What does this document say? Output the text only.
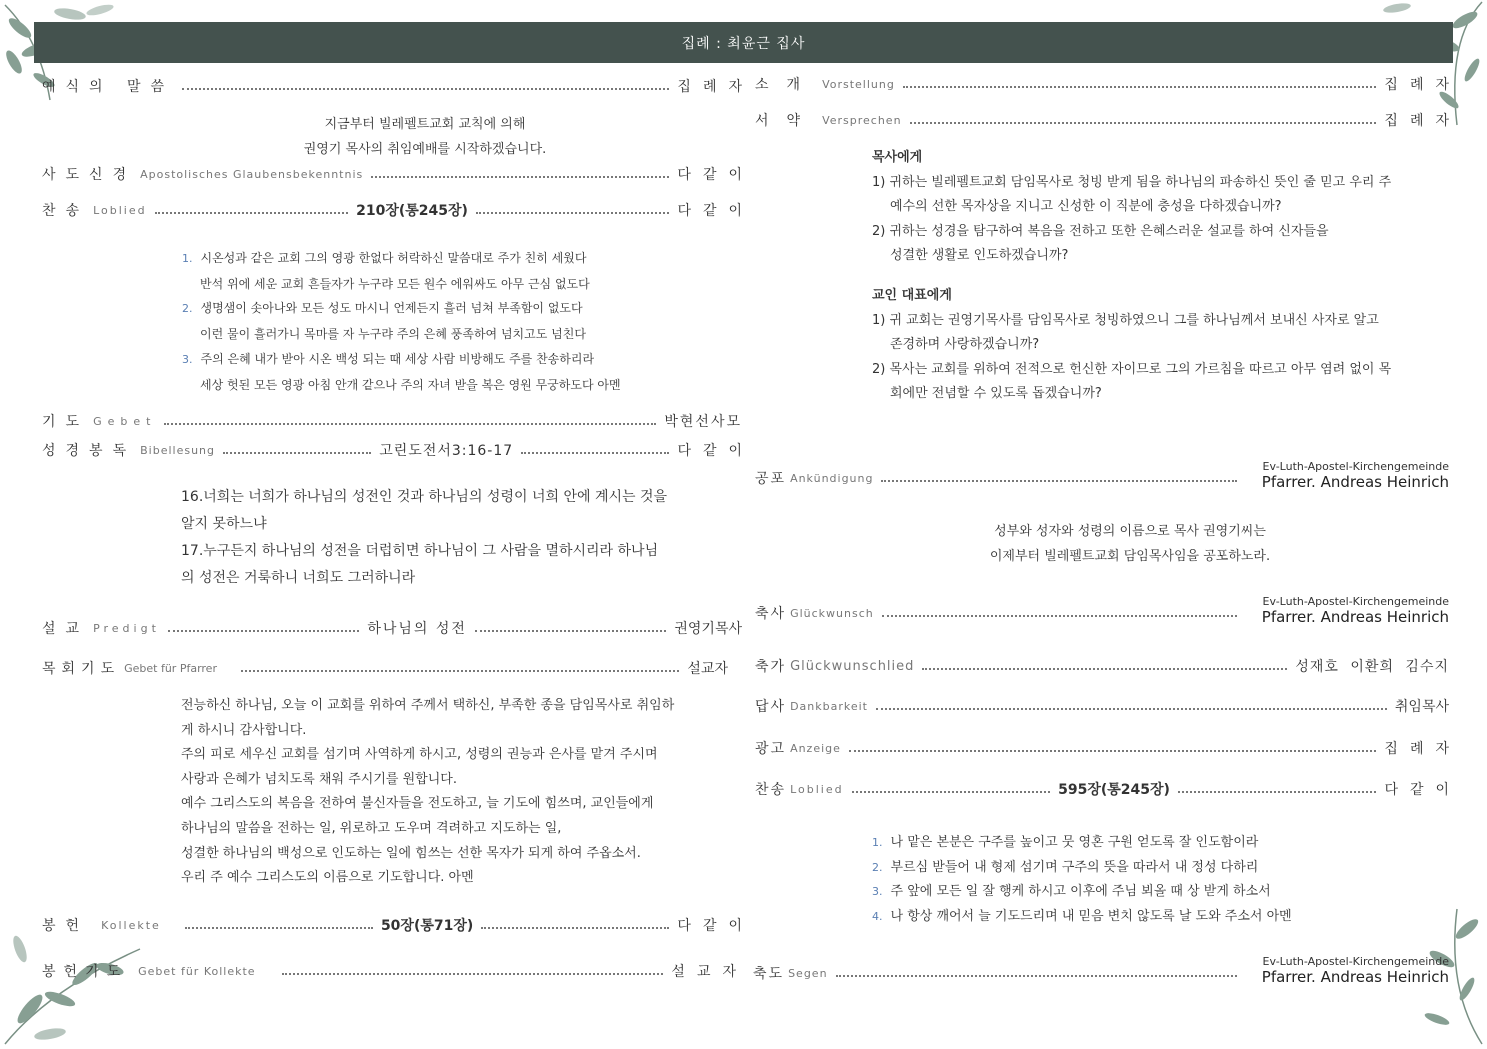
집례 : 최윤근 집사
예식의 말씀	집례자
지금부터 빌레펠트교회 교칙에 의해
권영기 목사의 취임예배를 시작하겠습니다.
사도신경 Apostolisches Glaubensbekenntnis	다같이
찬송 Loblied	210장(통245장)	다같이
1. 시온성과 같은 교회 그의 영광 한없다 허락하신 말씀대로 주가 친히 세웠다
반석 위에 세운 교회 흔들자가 누구랴 모든 원수 에워싸도 아무 근심 없도다
2. 생명샘이 솟아나와 모든 성도 마시니 언제든지 흘러 넘쳐 부족함이 없도다
이런 물이 흘러가니 목마를 자 누구랴 주의 은혜 풍족하여 넘치고도 넘친다
3. 주의 은혜 내가 받아 시온 백성 되는 때 세상 사람 비방해도 주를 찬송하리라
세상 헛된 모든 영광 아침 안개 같으나 주의 자녀 받을 복은 영원 무궁하도다 아멘
기도 Gebet	박현선사모
성경봉독 Bibellesung	고린도전서3:16-17	다같이
16.너희는 너희가 하나님의 성전인 것과 하나님의 성령이 너희 안에 계시는 것을
알지 못하느냐
17.누구든지 하나님의 성전을 더럽히면 하나님이 그 사람을 멸하시리라 하나님
의 성전은 거룩하니 너희도 그러하니라
설교 Predigt	하나님의 성전	권영기목사
목회기도 Gebet für Pfarrer	설교자
전능하신 하나님, 오늘 이 교회를 위하여 주께서 택하신, 부족한 종을 담임목사로 취임하
게 하시니 감사합니다.
주의 피로 세우신 교회를 섬기며 사역하게 하시고, 성령의 권능과 은사를 맡겨 주시며
사랑과 은혜가 넘치도록 채워 주시기를 원합니다.
예수 그리스도의 복음을 전하여 불신자들을 전도하고, 늘 기도에 힘쓰며, 교인들에게
하나님의 말씀을 전하는 일, 위로하고 도우며 격려하고 지도하는 일,
성결한 하나님의 백성으로 인도하는 일에 힘쓰는 선한 목자가 되게 하여 주옵소서.
우리 주 예수 그리스도의 이름으로 기도합니다. 아멘
봉헌 Kollekte	50장(통71장)	다같이
봉헌기도 Gebet für Kollekte	설교자
소개 Vorstellung	집례자
서약 Versprechen	집례자
목사에게
1) 귀하는 빌레펠트교회 담임목사로 청빙 받게 됨을 하나님의 파송하신 뜻인 줄 믿고 우리 주
예수의 선한 목자상을 지니고 신성한 이 직분에 충성을 다하겠습니까?
2) 귀하는 성경을 탐구하여 복음을 전하고 또한 은혜스러운 설교를 하여 신자들을
성결한 생활로 인도하겠습니까?
교인 대표에게
1) 귀 교회는 권영기목사를 담임목사로 청빙하였으니 그를 하나님께서 보내신 사자로 알고
존경하며 사랑하겠습니까?
2) 목사는 교회를 위하여 전적으로 헌신한 자이므로 그의 가르침을 따르고 아무 염려 없이 목
회에만 전념할 수 있도록 돕겠습니까?
공포 Ankündigung
Ev-Luth-Apostel-Kirchengemeinde
Pfarrer. Andreas Heinrich
성부와 성자와 성령의 이름으로 목사 권영기씨는
이제부터 빌레펠트교회 담임목사임을 공포하노라.
축사 Glückwunsch
Ev-Luth-Apostel-Kirchengemeinde
Pfarrer. Andreas Heinrich
축가 Glückwunschlied	성재호 이환희 김수지
답사 Dankbarkeit	취임목사
광고 Anzeige	집례자
찬송 Loblied	595장(통245장)	다같이
1. 나 맡은 본분은 구주를 높이고 뭇 영혼 구원 얻도록 잘 인도함이라
2. 부르심 받들어 내 형제 섬기며 구주의 뜻을 따라서 내 정성 다하리
3. 주 앞에 모든 일 잘 행케 하시고 이후에 주님 뵈올 때 상 받게 하소서
4. 나 항상 깨어서 늘 기도드리며 내 믿음 변치 않도록 날 도와 주소서 아멘
축도 Segen
Ev-Luth-Apostel-Kirchengemeinde
Pfarrer. Andreas Heinrich
